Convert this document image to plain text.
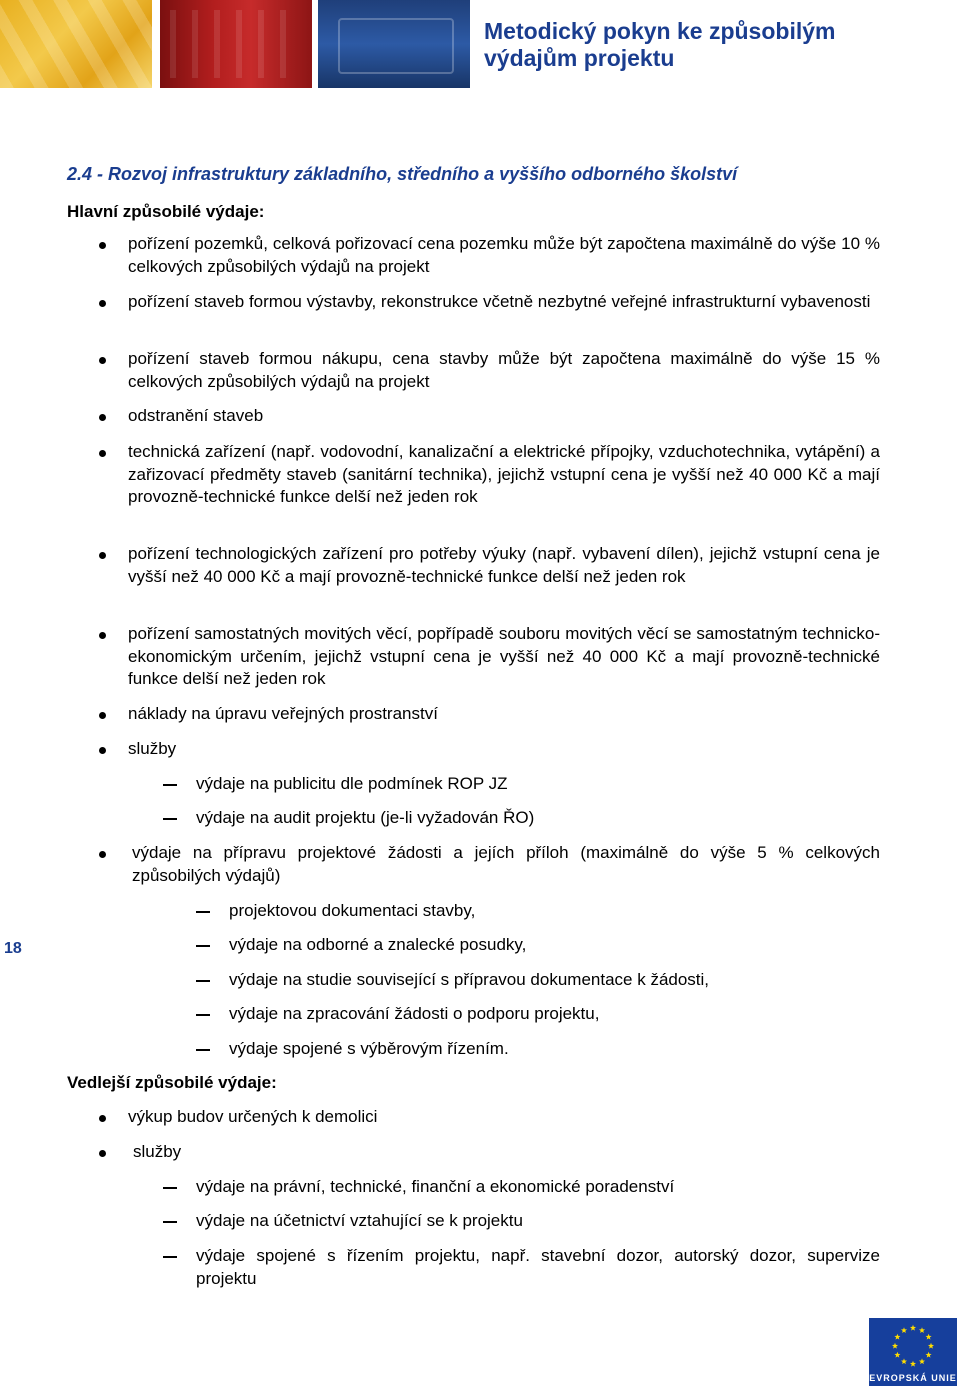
Metodický pokyn ke způsobilým
výdajům projektu
2.4 - Rozvoj infrastruktury základního, středního a vyššího odborného školství
Hlavní způsobilé výdaje:
pořízení pozemků, celková pořizovací cena pozemku může být započtena maximálně do výše 10 % celkových způsobilých výdajů na projekt
pořízení staveb formou výstavby, rekonstrukce včetně nezbytné veřejné infrastrukturní vybavenosti
pořízení staveb formou nákupu, cena stavby může být započtena maximálně do výše 15 % celkových způsobilých výdajů na projekt
odstranění staveb
technická zařízení (např. vodovodní, kanalizační a elektrické přípojky, vzduchotechnika, vytápění) a zařizovací předměty staveb (sanitární technika), jejichž vstupní cena je vyšší než 40 000 Kč a mají provozně-technické funkce delší než jeden rok
pořízení technologických zařízení pro potřeby výuky (např. vybavení dílen), jejichž vstupní cena je vyšší než 40 000 Kč a mají provozně-technické funkce delší než jeden rok
pořízení samostatných movitých věcí, popřípadě souboru movitých věcí se samostatným technicko-ekonomickým určením, jejichž vstupní cena je vyšší než 40 000 Kč a mají provozně-technické funkce delší než jeden rok
náklady na úpravu veřejných prostranství
služby
výdaje na publicitu dle podmínek ROP JZ
výdaje na audit projektu (je-li vyžadován ŘO)
výdaje na přípravu projektové žádosti a jejích příloh (maximálně do výše 5 % celkových způsobilých výdajů)
projektovou dokumentaci stavby,
výdaje na odborné a znalecké posudky,
výdaje na studie související s přípravou dokumentace k žádosti,
výdaje na zpracování žádosti o podporu projektu,
výdaje spojené s výběrovým řízením.
18
Vedlejší způsobilé výdaje:
výkup budov určených k demolici
služby
výdaje na právní, technické, finanční a ekonomické poradenství
výdaje na účetnictví vztahující se k projektu
výdaje spojené s řízením projektu, např. stavební dozor, autorský dozor, supervize projektu
EVROPSKÁ UNIE
